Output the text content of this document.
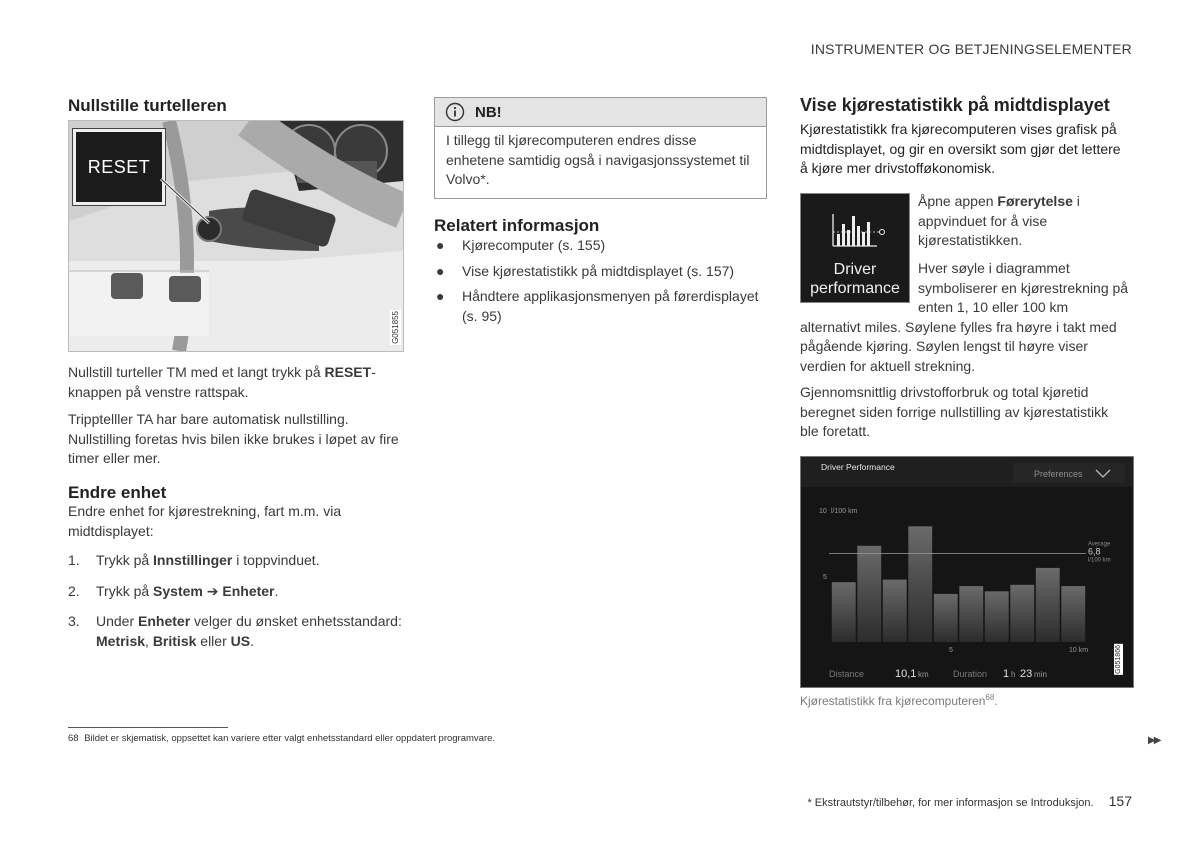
INSTRUMENTER OG BETJENINGSELEMENTER
Nullstille turtelleren
RESET
G051855
Nullstill turteller TM med et langt trykk på RESET-knappen på venstre rattspak.
Tripptelller TA har bare automatisk nullstilling. Nullstilling foretas hvis bilen ikke brukes i løpet av fire timer eller mer.
Endre enhet
Endre enhet for kjørestrekning, fart m.m. via midtdisplayet:
1. Trykk på Innstillinger i toppvinduet.
2. Trykk på System ➔ Enheter.
3. Under Enheter velger du ønsket enhetsstandard: Metrisk, Britisk eller US.
NB!
I tillegg til kjørecomputeren endres disse enhetene samtidig også i navigasjonssystemet til Volvo*.
Relatert informasjon
● Kjørecomputer (s. 155)
● Vise kjørestatistikk på midtdisplayet (s. 157)
● Håndtere applikasjonsmenyen på førerdisplayet (s. 95)
Vise kjørestatistikk på midtdisplayet
Kjørestatistikk fra kjørecomputeren vises grafisk på midtdisplayet, og gir en oversikt som gjør det lettere å kjøre mer drivstofføkonomisk.
Driver
performance
Åpne appen Førerytelse i appvinduet for å vise kjørestatistikken.
Hver søyle i diagrammet symboliserer en kjørestrekning på enten 1, 10 eller 100 km alternativt miles. Søylene fylles fra høyre i takt med pågående kjøring. Søylen lengst til høyre viser verdien for aktuell strekning.
Gjennomsnittlig drivstofforbruk og total kjøretid beregnet siden forrige nullstilling av kjørestatistikk ble foretatt.
Driver Performance
Preferences
10 l/100 km
5
Average
6,8
l/100 km
5	10 km
Distance	10,1 km	Duration 1 h 23 min
G051866
Kjørestatistikk fra kjørecomputeren$^{68}$.
68 Bildet er skjematisk, oppsettet kan variere etter valgt enhetsstandard eller oppdatert programvare.	▶▶
* Ekstrautstyr/tilbehør, for mer informasjon se Introduksjon. 157
